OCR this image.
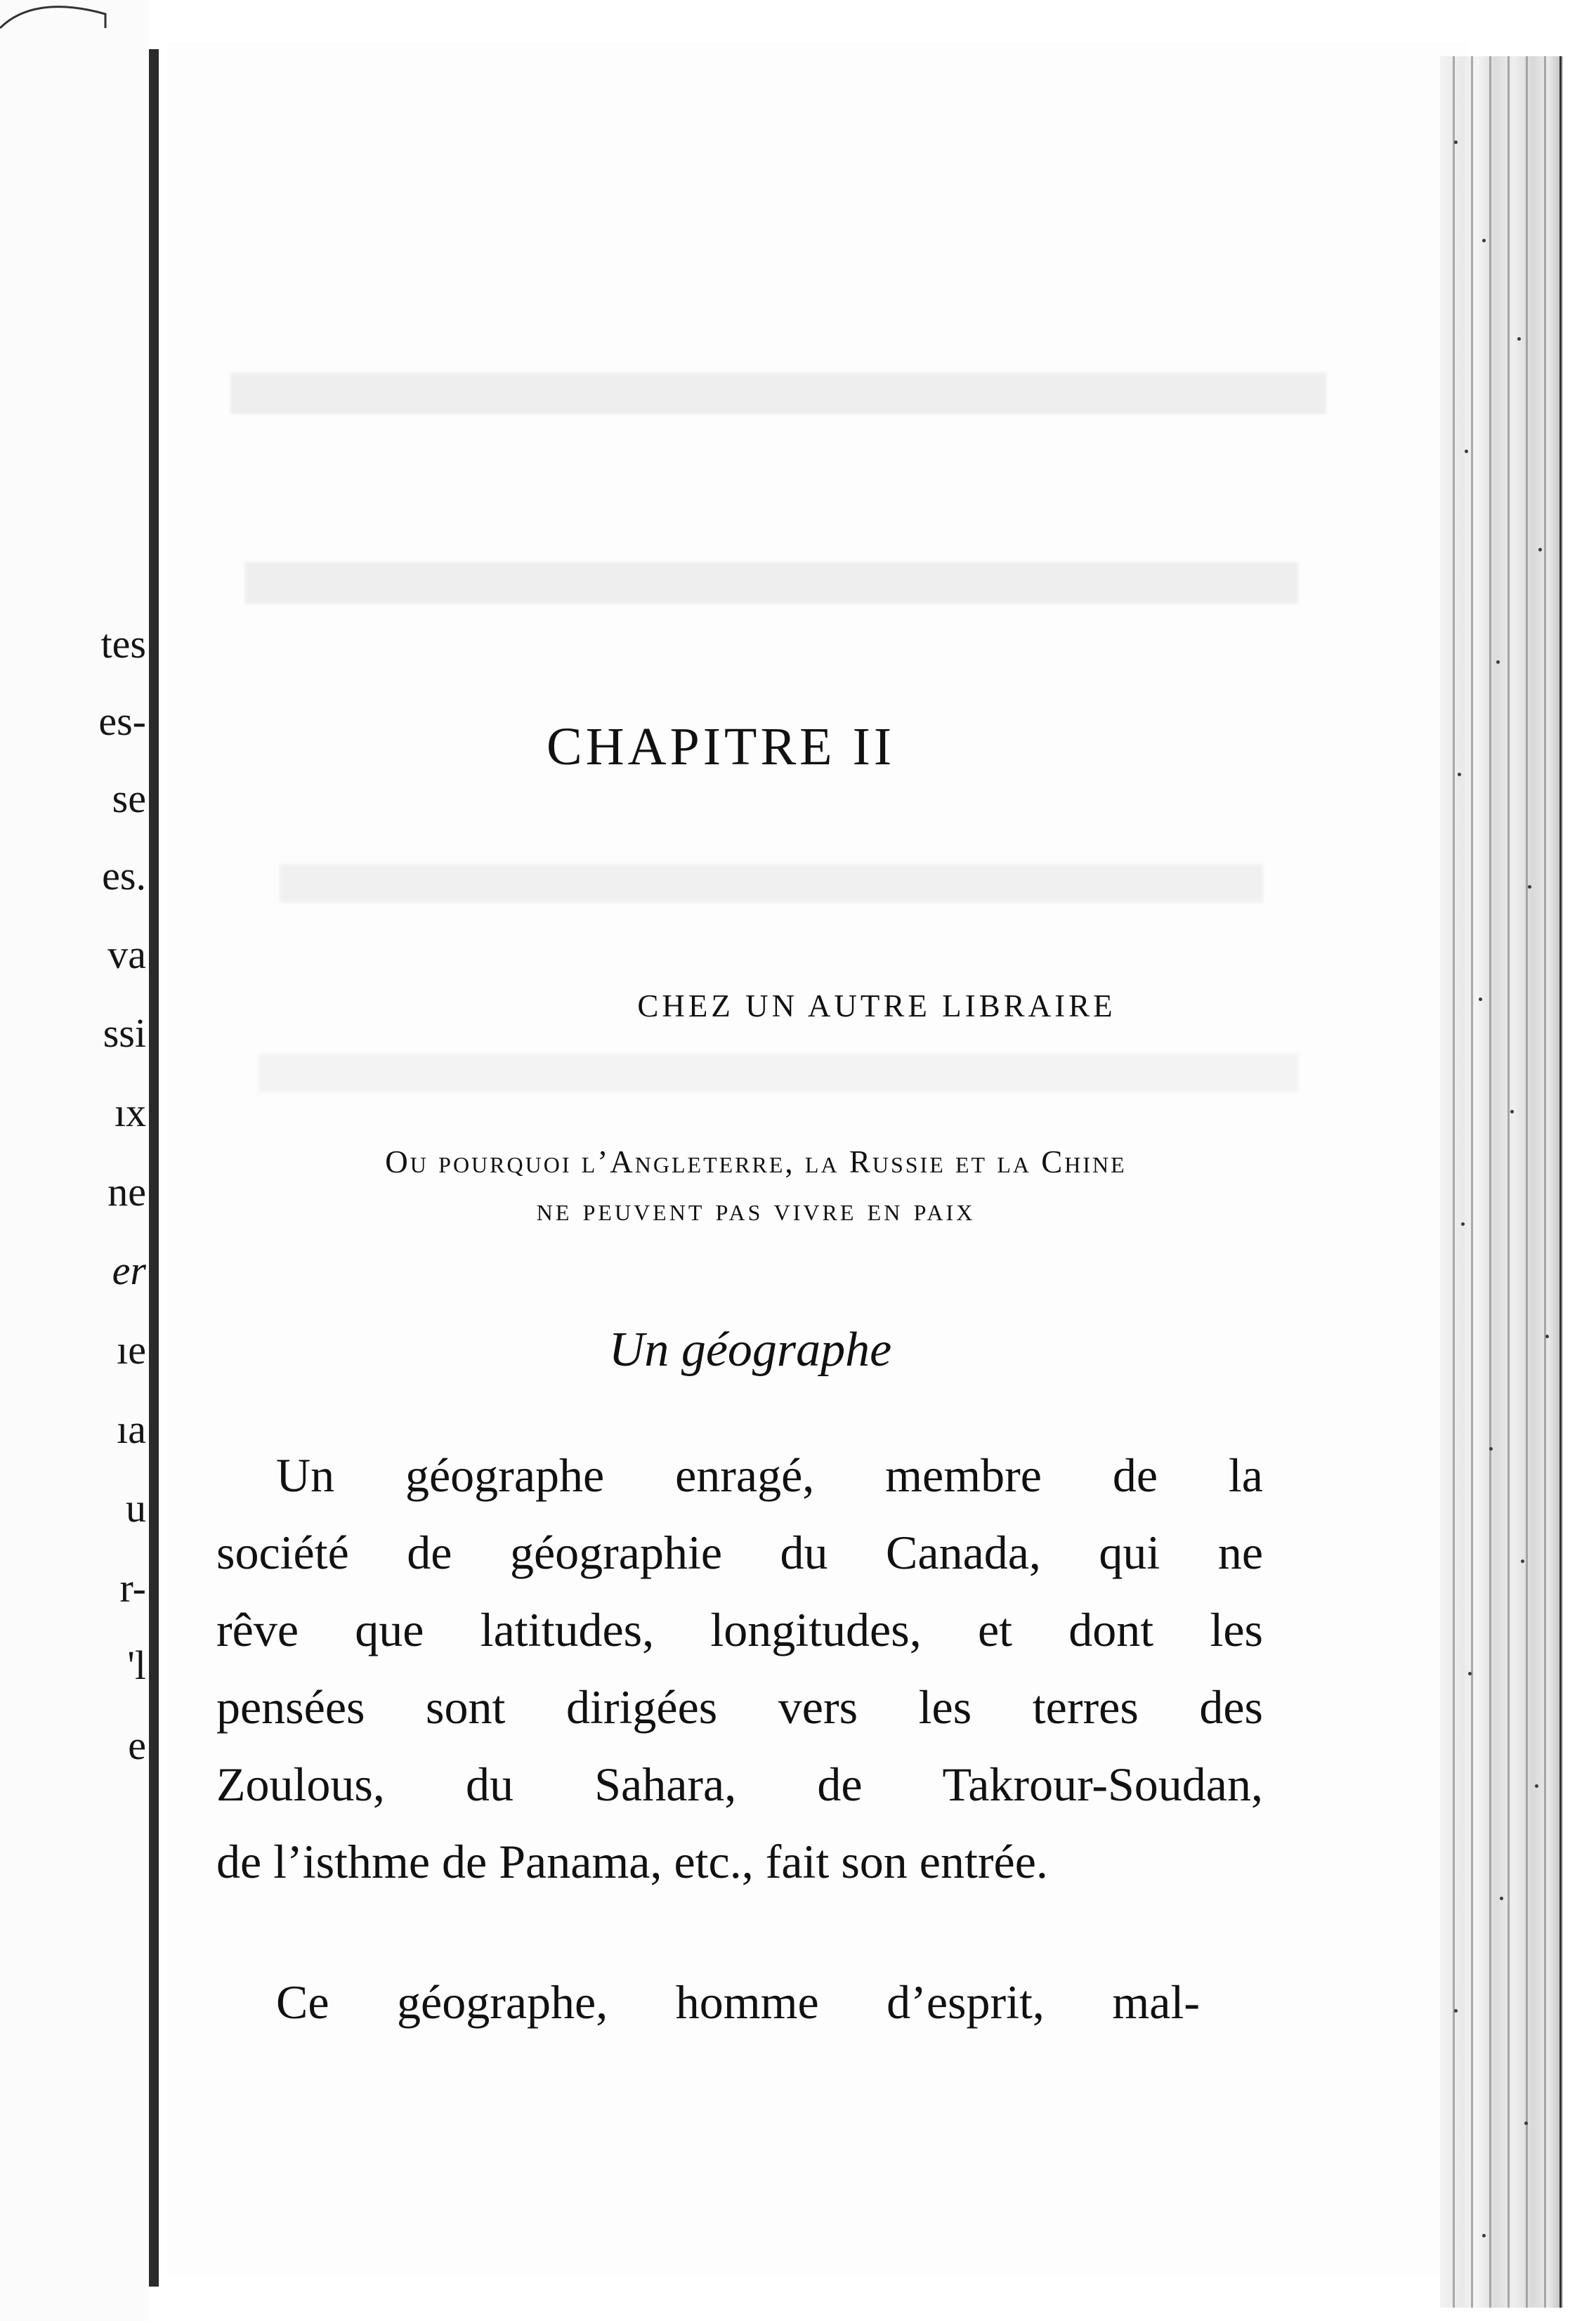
tes
es-
se
es.
va
ssi
ıx
ne
er
ıe
ıa
u
r-
'l
e
CHAPITRE II
CHEZ UN AUTRE LIBRAIRE
Ou pourquoi l’Angleterre, la Russie et la Chine
ne peuvent pas vivre en paix
Un géographe
Un géographe enragé, membre de la
société de géographie du Canada, qui ne
rêve que latitudes, longitudes, et dont les
pensées sont dirigées vers les terres des
Zoulous, du Sahara, de Takrour-Soudan,
de l’isthme de Panama, etc., fait son entrée.
Ce géographe, homme d’esprit, mal-
